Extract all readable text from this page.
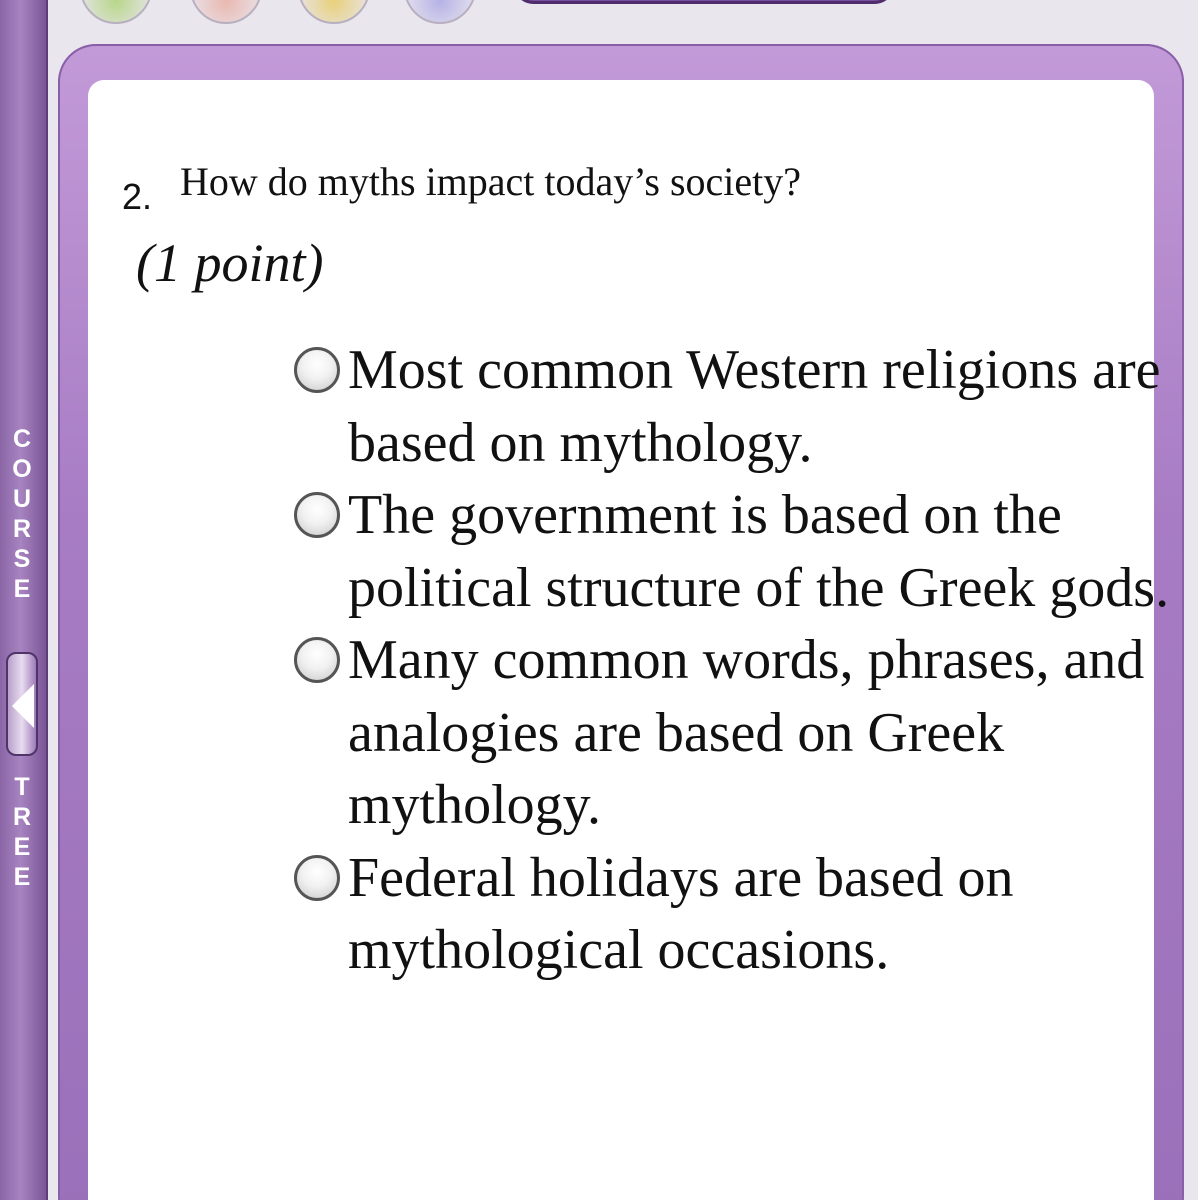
C
O
U
R
S
E
T
R
E
E
2. How do myths impact today’s society?
(1 point)
Most common Western religions are based on mythology.
The government is based on the political structure of the Greek gods.
Many common words, phrases, and analogies are based on Greek mythology.
Federal holidays are based on mythological occasions.
